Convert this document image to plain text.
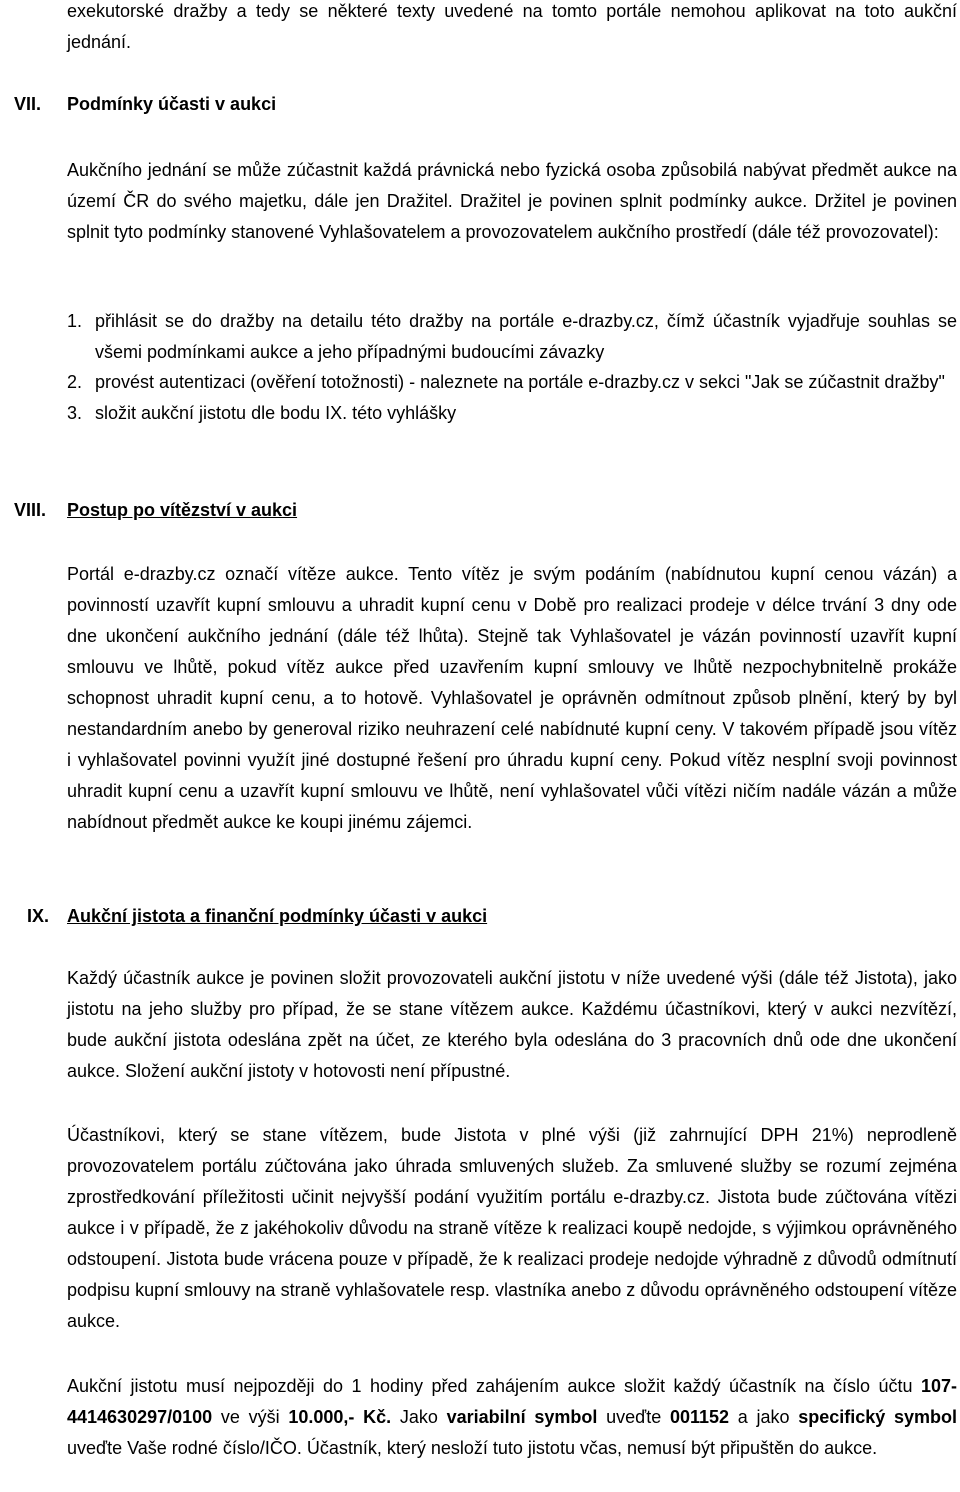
exekutorské dražby a tedy se některé texty uvedené na tomto portále nemohou aplikovat na toto aukční jednání.

VII. Podmínky účasti v aukci

Aukčního jednání se může zúčastnit každá právnická nebo fyzická osoba způsobilá nabývat předmět aukce na území ČR do svého majetku, dále jen Dražitel. Dražitel je povinen splnit podmínky aukce. Držitel je povinen splnit tyto podmínky stanovené Vyhlašovatelem a provozovatelem aukčního prostředí (dále též provozovatel):

1. přihlásit se do dražby na detailu této dražby na portále e-drazby.cz, čímž účastník vyjadřuje souhlas se všemi podmínkami aukce a jeho případnými budoucími závazky
2. provést autentizaci (ověření totožnosti) - naleznete na portále e-drazby.cz v sekci "Jak se zúčastnit dražby"
3. složit aukční jistotu dle bodu IX. této vyhlášky
VIII. Postup po vítězství v aukci

Portál e-drazby.cz označí vítěze aukce. Tento vítěz je svým podáním (nabídnutou kupní cenou vázán) a povinností uzavřít kupní smlouvu a uhradit kupní cenu v Době pro realizaci prodeje v délce trvání 3 dny ode dne ukončení aukčního jednání (dále též lhůta). Stejně tak Vyhlašovatel je vázán povinností uzavřít kupní smlouvu ve lhůtě, pokud vítěz aukce před uzavřením kupní smlouvy ve lhůtě nezpochybnitelně prokáže schopnost uhradit kupní cenu, a to hotově. Vyhlašovatel je oprávněn odmítnout způsob plnění, který by byl nestandardním anebo by generoval riziko neuhrazení celé nabídnuté kupní ceny. V takovém případě jsou vítěz i vyhlašovatel povinni využít jiné dostupné řešení pro úhradu kupní ceny. Pokud vítěz nesplní svoji povinnost uhradit kupní cenu a uzavřít kupní smlouvu ve lhůtě, není vyhlašovatel vůči vítězi ničím nadále vázán a může nabídnout předmět aukce ke koupi jinému zájemci.

IX. Aukční jistota a finanční podmínky účasti v aukci

Každý účastník aukce je povinen složit provozovateli aukční jistotu v níže uvedené výši (dále též Jistota), jako jistotu na jeho služby pro případ, že se stane vítězem aukce. Každému účastníkovi, který v aukci nezvítězí, bude aukční jistota odeslána zpět na účet, ze kterého byla odeslána do 3 pracovních dnů ode dne ukončení aukce. Složení aukční jistoty v hotovosti není přípustné.

Účastníkovi, který se stane vítězem, bude Jistota v plné výši (již zahrnující DPH 21%) neprodleně provozovatelem portálu zúčtována jako úhrada smluvených služeb. Za smluvené služby se rozumí zejména zprostředkování příležitosti učinit nejvyšší podání využitím portálu e-drazby.cz. Jistota bude zúčtována vítězi aukce i v případě, že z jakéhokoliv důvodu na straně vítěze k realizaci koupě nedojde, s výjimkou oprávněného odstoupení. Jistota bude vrácena pouze v případě, že k realizaci prodeje nedojde výhradně z důvodů odmítnutí podpisu kupní smlouvy na straně vyhlašovatele resp. vlastníka anebo z důvodu oprávněného odstoupení vítěze aukce.

Aukční jistotu musí nejpozději do 1 hodiny před zahájením aukce složit každý účastník na číslo účtu 107-4414630297/0100 ve výši 10.000,- Kč. Jako variabilní symbol uveďte 001152 a jako specifický symbol uveďte Vaše rodné číslo/IČO. Účastník, který nesloží tuto jistotu včas, nemusí být připuštěn do aukce.
